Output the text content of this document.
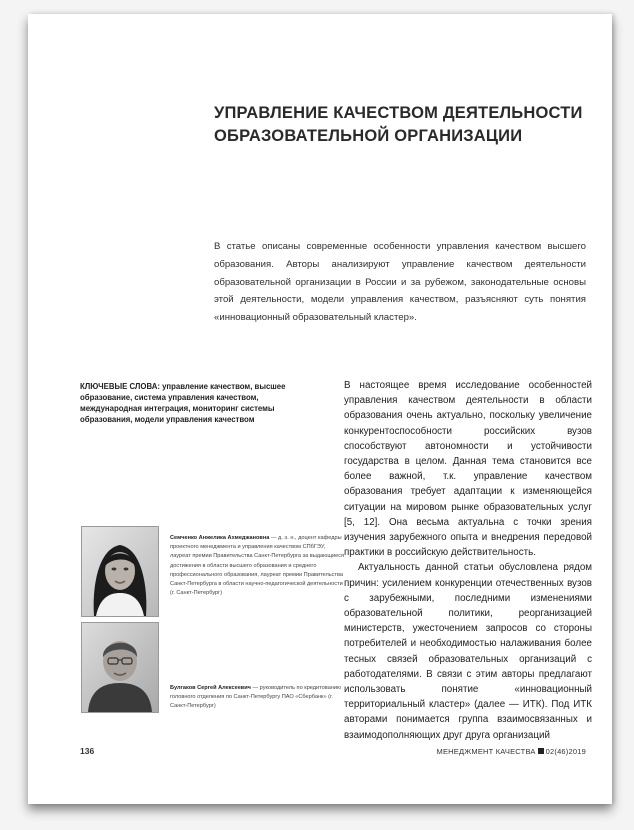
УПРАВЛЕНИЕ КАЧЕСТВОМ ДЕЯТЕЛЬНОСТИ ОБРАЗОВАТЕЛЬНОЙ ОРГАНИЗАЦИИ

В статье описаны современные особенности управления качеством высшего образования. Авторы анализируют управление качеством деятельности образовательной организации в России и за рубежом, законодательные основы этой деятельности, модели управления качеством, разъясняют суть понятия «инновационный образовательный кластер».

КЛЮЧЕВЫЕ СЛОВА: управление качеством, высшее образование, система управления качеством, международная интеграция, мониторинг системы образования, модели управления качеством

Семченко Анжелика Ахмеджановна — д. э. н., доцент кафедры проектного менеджмента и управления качеством СПбГЭУ, лауреат премии Правительства Санкт-Петербурга за выдающиеся достижения в области высшего образования и среднего профессионального образования, лауреат премии Правительства Санкт-Петербурга в области научно-педагогической деятельности (г. Санкт-Петербург)

Булгаков Сергей Алексеевич — руководитель по кредитованию головного отделения по Санкт-Петербургу ПАО «Сбербанк» (г. Санкт-Петербург)

В настоящее время исследование особенностей управления качеством деятельности в области образования очень актуально, поскольку увеличение конкурентоспособности российских вузов способствуют автономности и устойчивости государства в целом. Данная тема становится все более важной, т.к. управление качеством образования требует адаптации к изменяющейся ситуации на мировом рынке образовательных услуг [5, 12]. Она весьма актуальна с точки зрения изучения зарубежного опыта и внедрения передовой практики в российскую действительность.

Актуальность данной статьи обусловлена рядом причин: усилением конкуренции отечественных вузов с зарубежными, последними изменениями образовательной политики, реорганизацией министерств, ужесточением запросов со стороны потребителей и необходимостью налаживания более тесных связей образовательных организаций с работодателями. В связи с этим авторы предлагают использовать понятие «инновационный территориальный кластер» (далее — ИТК). Под ИТК авторами понимается группа взаимосвязанных и взаимодополняющих друг друга организаций

136	МЕНЕДЖМЕНТ КАЧЕСТВА 02(46)2019
